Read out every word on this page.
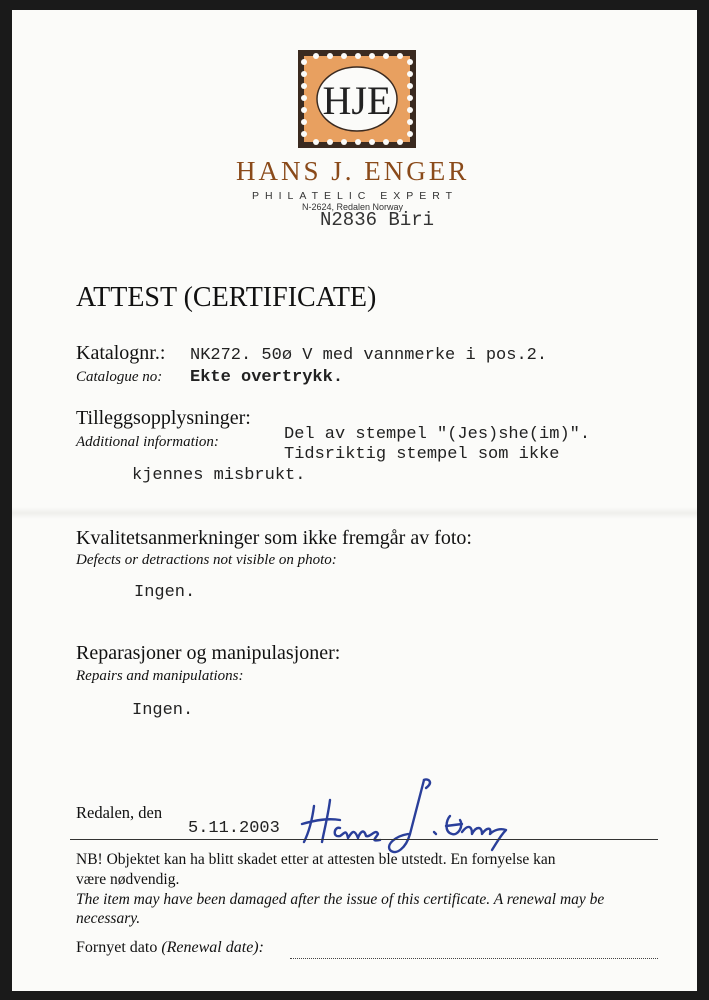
HJE
HANS J. ENGER
PHILATELIC EXPERT
N-2624, Redalen Norway
N2836 Biri
ATTEST (CERTIFICATE)
Katalognr.:
Catalogue no:
NK272. 50ø V med vannmerke i pos.2.
Ekte overtrykk.
Tilleggsopplysninger:
Additional information:	Del av stempel "(Jes)she(im)".
Tidsriktig stempel som ikke
kjennes misbrukt.
Kvalitetsanmerkninger som ikke fremgår av foto:
Defects or detractions not visible on photo:
Ingen.
Reparasjoner og manipulasjoner:
Repairs and manipulations:
Ingen.
Redalen, den
5.11.2003
NB! Objektet kan ha blitt skadet etter at attesten ble utstedt. En fornyelse kan
være nødvendig.
The item may have been damaged after the issue of this certificate. A renewal may be
necessary.
Fornyet dato (Renewal date):
